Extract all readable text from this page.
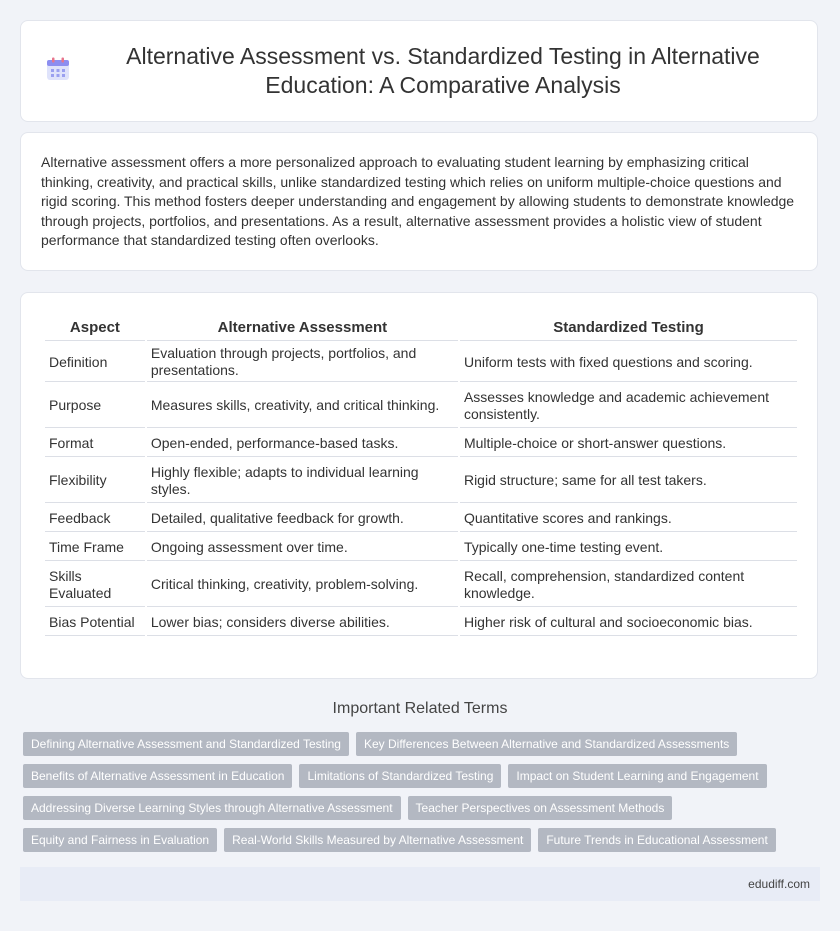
Alternative Assessment vs. Standardized Testing in Alternative Education: A Comparative Analysis

Alternative assessment offers a more personalized approach to evaluating student learning by emphasizing critical thinking, creativity, and practical skills, unlike standardized testing which relies on uniform multiple-choice questions and rigid scoring. This method fosters deeper understanding and engagement by allowing students to demonstrate knowledge through projects, portfolios, and presentations. As a result, alternative assessment provides a holistic view of student performance that standardized testing often overlooks.

Aspect	Alternative Assessment	Standardized Testing
Definition	Evaluation through projects, portfolios, and presentations.	Uniform tests with fixed questions and scoring.
Purpose	Measures skills, creativity, and critical thinking.	Assesses knowledge and academic achievement consistently.
Format	Open-ended, performance-based tasks.	Multiple-choice or short-answer questions.
Flexibility	Highly flexible; adapts to individual learning styles.	Rigid structure; same for all test takers.
Feedback	Detailed, qualitative feedback for growth.	Quantitative scores and rankings.
Time Frame	Ongoing assessment over time.	Typically one-time testing event.
Skills Evaluated	Critical thinking, creativity, problem-solving.	Recall, comprehension, standardized content knowledge.
Bias Potential	Lower bias; considers diverse abilities.	Higher risk of cultural and socioeconomic bias.
Important Related Terms
Defining Alternative Assessment and Standardized Testing	Key Differences Between Alternative and Standardized Assessments
Benefits of Alternative Assessment in Education	Limitations of Standardized Testing	Impact on Student Learning and Engagement
Addressing Diverse Learning Styles through Alternative Assessment	Teacher Perspectives on Assessment Methods
Equity and Fairness in Evaluation	Real-World Skills Measured by Alternative Assessment	Future Trends in Educational Assessment
edudiff.com
